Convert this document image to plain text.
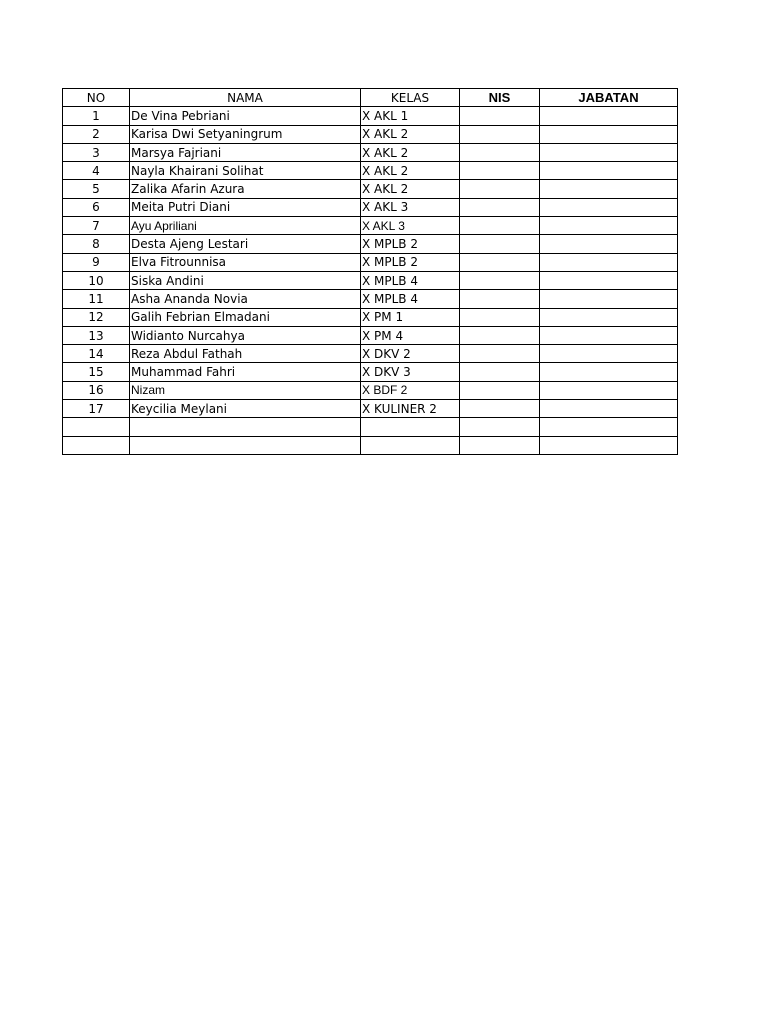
NO	NAMA	KELAS	NIS	JABATAN
1	De Vina Pebriani	X AKL 1		
2	Karisa Dwi Setyaningrum	X AKL 2		
3	Marsya Fajriani	X AKL 2		
4	Nayla Khairani Solihat	X AKL 2		
5	Zalika Afarin Azura	X AKL 2		
6	Meita Putri Diani	X AKL 3		
7	Ayu Apriliani	X AKL 3		
8	Desta Ajeng Lestari	X MPLB 2		
9	Elva Fitrounnisa	X MPLB 2		
10	Siska Andini	X MPLB 4		
11	Asha Ananda Novia	X MPLB 4		
12	Galih Febrian Elmadani	X PM 1		
13	Widianto Nurcahya	X PM 4		
14	Reza Abdul Fathah	X DKV 2		
15	Muhammad Fahri	X DKV 3		
16	Nizam	X BDF 2		
17	Keycilia Meylani	X KULINER 2		
